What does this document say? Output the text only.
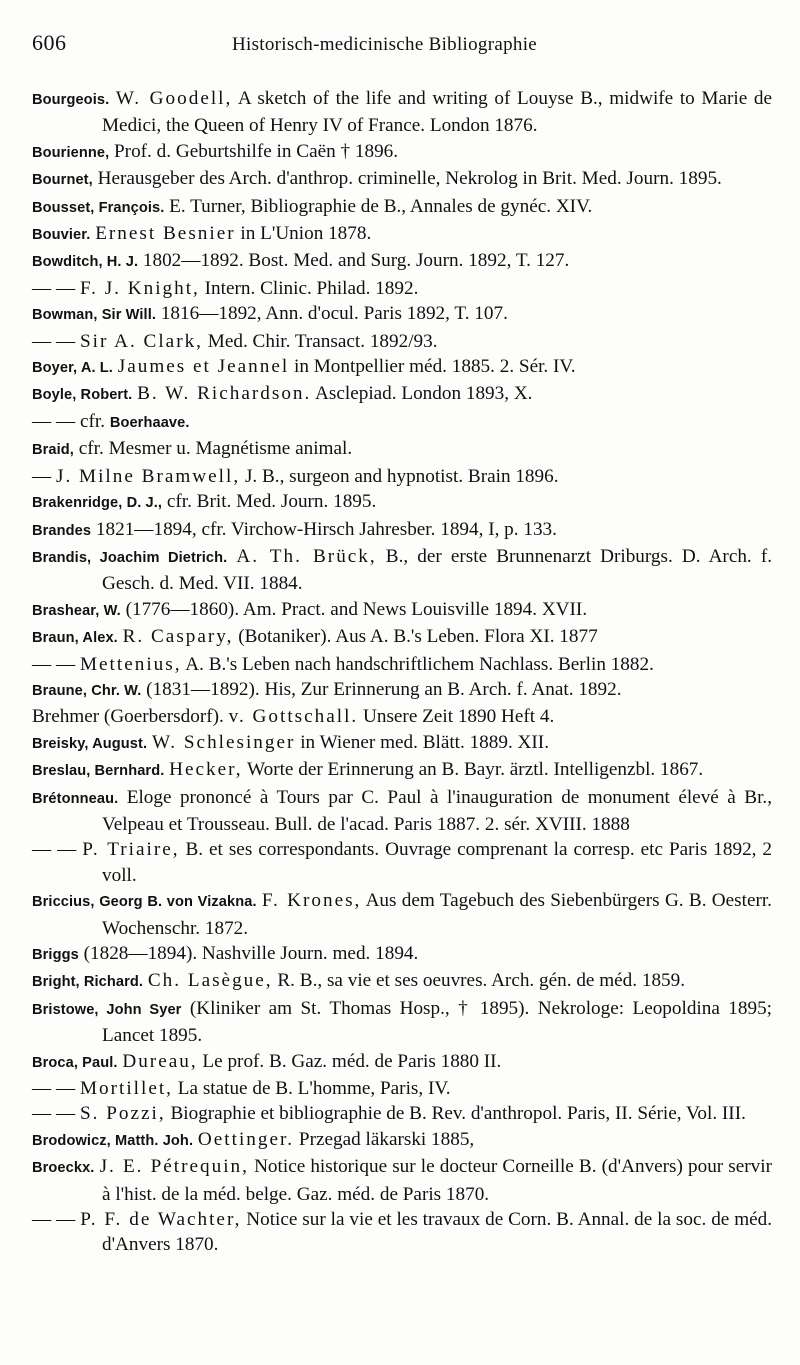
606	Historisch-medicinische Bibliographie
Bourgeois. W. Goodell, A sketch of the life and writing of Louyse B., midwife to Marie de Medici, the Queen of Henry IV of France. London 1876.
Bourienne, Prof. d. Geburtshilfe in Caën † 1896.
Bournet, Herausgeber des Arch. d'anthrop. criminelle, Nekrolog in Brit. Med. Journ. 1895.
Bousset, François. E. Turner, Bibliographie de B., Annales de gynéc. XIV.
Bouvier. Ernest Besnier in L'Union 1878.
Bowditch, H. J. 1802—1892. Bost. Med. and Surg. Journ. 1892, T. 127.
— — F. J. Knight, Intern. Clinic. Philad. 1892.
Bowman, Sir Will. 1816—1892, Ann. d'ocul. Paris 1892, T. 107.
— — Sir A. Clark, Med. Chir. Transact. 1892/93.
Boyer, A. L. Jaumes et Jeannel in Montpellier méd. 1885. 2. Sér. IV.
Boyle, Robert. B. W. Richardson. Asclepiad. London 1893, X.
— — cfr. Boerhaave.
Braid, cfr. Mesmer u. Magnétisme animal.
— J. Milne Bramwell, J. B., surgeon and hypnotist. Brain 1896.
Brakenridge, D. J., cfr. Brit. Med. Journ. 1895.
Brandes 1821—1894, cfr. Virchow-Hirsch Jahresber. 1894, I, p. 133.
Brandis, Joachim Dietrich. A. Th. Brück, B., der erste Brunnenarzt Driburgs. D. Arch. f. Gesch. d. Med. VII. 1884.
Brashear, W. (1776—1860). Am. Pract. and News Louisville 1894. XVII.
Braun, Alex. R. Caspary, (Botaniker). Aus A. B.'s Leben. Flora XI. 1877
— — Mettenius, A. B.'s Leben nach handschriftlichem Nachlass. Berlin 1882.
Braune, Chr. W. (1831—1892). His, Zur Erinnerung an B. Arch. f. Anat. 1892.
Brehmer (Goerbersdorf). v. Gottschall. Unsere Zeit 1890 Heft 4.
Breisky, August. W. Schlesinger in Wiener med. Blätt. 1889. XII.
Breslau, Bernhard. Hecker, Worte der Erinnerung an B. Bayr. ärztl. Intelligenzbl. 1867.
Brétonneau. Eloge prononcé à Tours par C. Paul à l'inauguration de monument élevé à Br., Velpeau et Trousseau. Bull. de l'acad. Paris 1887. 2. sér. XVIII. 1888
— — P. Triaire, B. et ses correspondants. Ouvrage comprenant la corresp. etc Paris 1892, 2 voll.
Briccius, Georg B. von Vizakna. F. Krones, Aus dem Tagebuch des Siebenbürgers G. B. Oesterr. Wochenschr. 1872.
Briggs (1828—1894). Nashville Journ. med. 1894.
Bright, Richard. Ch. Lasègue, R. B., sa vie et ses oeuvres. Arch. gén. de méd. 1859.
Bristowe, John Syer (Kliniker am St. Thomas Hosp., † 1895). Nekrologe: Leopoldina 1895; Lancet 1895.
Broca, Paul. Dureau, Le prof. B. Gaz. méd. de Paris 1880 II.
— — Mortillet, La statue de B. L'homme, Paris, IV.
— — S. Pozzi, Biographie et bibliographie de B. Rev. d'anthropol. Paris, II. Série, Vol. III.
Brodowicz, Matth. Joh. Oettinger. Przegad läkarski 1885,
Broeckx. J. E. Pétrequin, Notice historique sur le docteur Corneille B. (d'Anvers) pour servir à l'hist. de la méd. belge. Gaz. méd. de Paris 1870.
— — P. F. de Wachter, Notice sur la vie et les travaux de Corn. B. Annal. de la soc. de méd. d'Anvers 1870.
